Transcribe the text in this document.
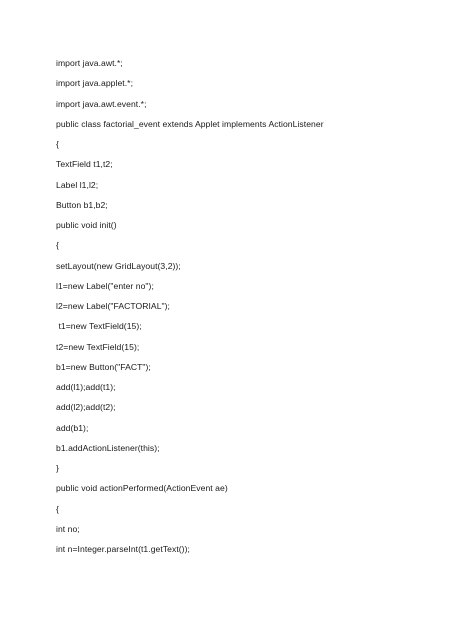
import java.awt.*;
import java.applet.*;
import java.awt.event.*;
public class factorial_event extends Applet implements ActionListener
{
TextField t1,t2;
Label l1,l2;
Button b1,b2;
public void init()
{
setLayout(new GridLayout(3,2));
l1=new Label("enter no");
l2=new Label("FACTORIAL");
t1=new TextField(15);
t2=new TextField(15);
b1=new Button("FACT");
add(l1);add(t1);
add(l2);add(t2);
add(b1);
b1.addActionListener(this);
}
public void actionPerformed(ActionEvent ae)
{
int no;
int n=Integer.parseInt(t1.getText());
